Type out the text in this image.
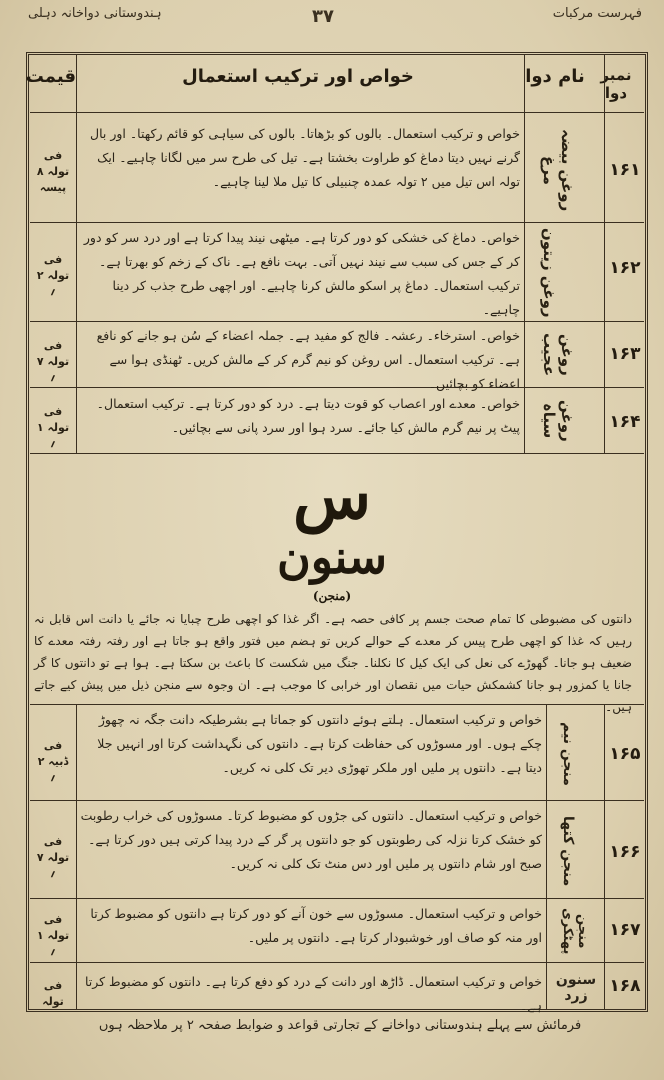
فہرست مرکبات
۳۷
ہندوستانی دواخانہ دہلی
نمبر دوا
نام دوا
خواص اور ترکیب استعمال
قیمت
۱۶۱
روغن بیضہ مرغ
خواص و ترکیب استعمال۔ بالوں کو بڑھاتا۔ بالوں کی سیاہی کو قائم رکھتا۔ اور بال گرنے نہیں دیتا دماغ کو طراوت بخشتا ہے۔ تیل کی طرح سر میں لگانا چاہیے۔ ایک تولہ اس تیل میں ۲ تولہ عمدہ چنبیلی کا تیل ملا لینا چاہیے۔
فی تولہ ۸ پیسہ
۱۶۲
روغن زیتون
خواص۔ دماغ کی خشکی کو دور کرتا ہے۔ میٹھی نیند پیدا کرتا ہے اور درد سر کو دور کر کے جس کی سبب سے نیند نہیں آتی۔ بہت نافع ہے۔ ناک کے زخم کو بھرتا ہے۔ ترکیب استعمال۔ دماغ پر اسکو مالش کرنا چاہیے۔ اور اچھی طرح جذب کر دینا چاہیے۔
فی تولہ ۲ ؍
۱۶۳
روغن عجیب
خواص۔ استرخاء۔ رعشہ۔ فالج کو مفید ہے۔ جملہ اعضاء کے سُن ہو جانے کو نافع ہے۔ ترکیب استعمال۔ اس روغن کو نیم گرم کر کے مالش کریں۔ ٹھنڈی ہوا سے اعضاء کو بچائیں۔
فی تولہ ۷ ؍
۱۶۴
روغن سیاہ
خواص۔ معدے اور اعصاب کو قوت دیتا ہے۔ درد کو دور کرتا ہے۔ ترکیب استعمال۔ پیٹ پر نیم گرم مالش کیا جائے۔ سرد ہوا اور سرد پانی سے بچائیں۔
فی تولہ ۱ ؍
س
سنون
(منجن)
دانتوں کی مضبوطی کا تمام صحت جسم پر کافی حصہ ہے۔ اگر غذا کو اچھی طرح چبایا نہ جائے یا دانت اس قابل نہ رہیں کہ غذا کو اچھی طرح پیس کر معدے کے حوالے کریں تو ہضم میں فتور واقع ہو جاتا ہے اور رفتہ رفتہ معدے کا ضعیف ہو جانا۔ گھوڑے کی نعل کی ایک کیل کا نکلنا۔ جنگ میں شکست کا باعث بن سکتا ہے۔ ہوا ہے تو دانتوں کا گر جانا یا کمزور ہو جانا کشمکش حیات میں نقصان اور خرابی کا موجب ہے۔ ان وجوہ سے منجن ذیل میں پیش کیے جاتے ہیں۔
۱۶۵
منجن نیم
خواص و ترکیب استعمال۔ ہلتے ہوئے دانتوں کو جماتا ہے بشرطیکہ دانت جگہ نہ چھوڑ چکے ہوں۔ اور مسوڑوں کی حفاظت کرتا ہے۔ دانتوں کی نگہداشت کرتا اور انہیں جلا دیتا ہے۔ دانتوں پر ملیں اور ملکر تھوڑی دیر تک کلی نہ کریں۔
فی ڈبیہ ۲ ؍
۱۶۶
منجن کتھا
خواص و ترکیب استعمال۔ دانتوں کی جڑوں کو مضبوط کرتا۔ مسوڑوں کی خراب رطوبت کو خشک کرتا نزلہ کی رطوبتوں کو جو دانتوں پر گر کے درد پیدا کرتی ہیں دور کرتا ہے۔ صبح اور شام دانتوں پر ملیں اور دس منٹ تک کلی نہ کریں۔
فی تولہ ۷ ؍
۱۶۷
منجن پھٹکری
خواص و ترکیب استعمال۔ مسوڑوں سے خون آنے کو دور کرتا ہے دانتوں کو مضبوط کرتا اور منہ کو صاف اور خوشبودار کرتا ہے۔ دانتوں پر ملیں۔
فی تولہ ۱ ؍
۱۶۸
سنون زرد
خواص و ترکیب استعمال۔ ڈاڑھ اور دانت کے درد کو دفع کرتا ہے۔ دانتوں کو مضبوط کرتا ہے۔
فی تولہ
فرمائش سے پہلے ہندوستانی دواخانے کے تجارتی قواعد و ضوابط صفحہ ۲ پر ملاحظہ ہوں
